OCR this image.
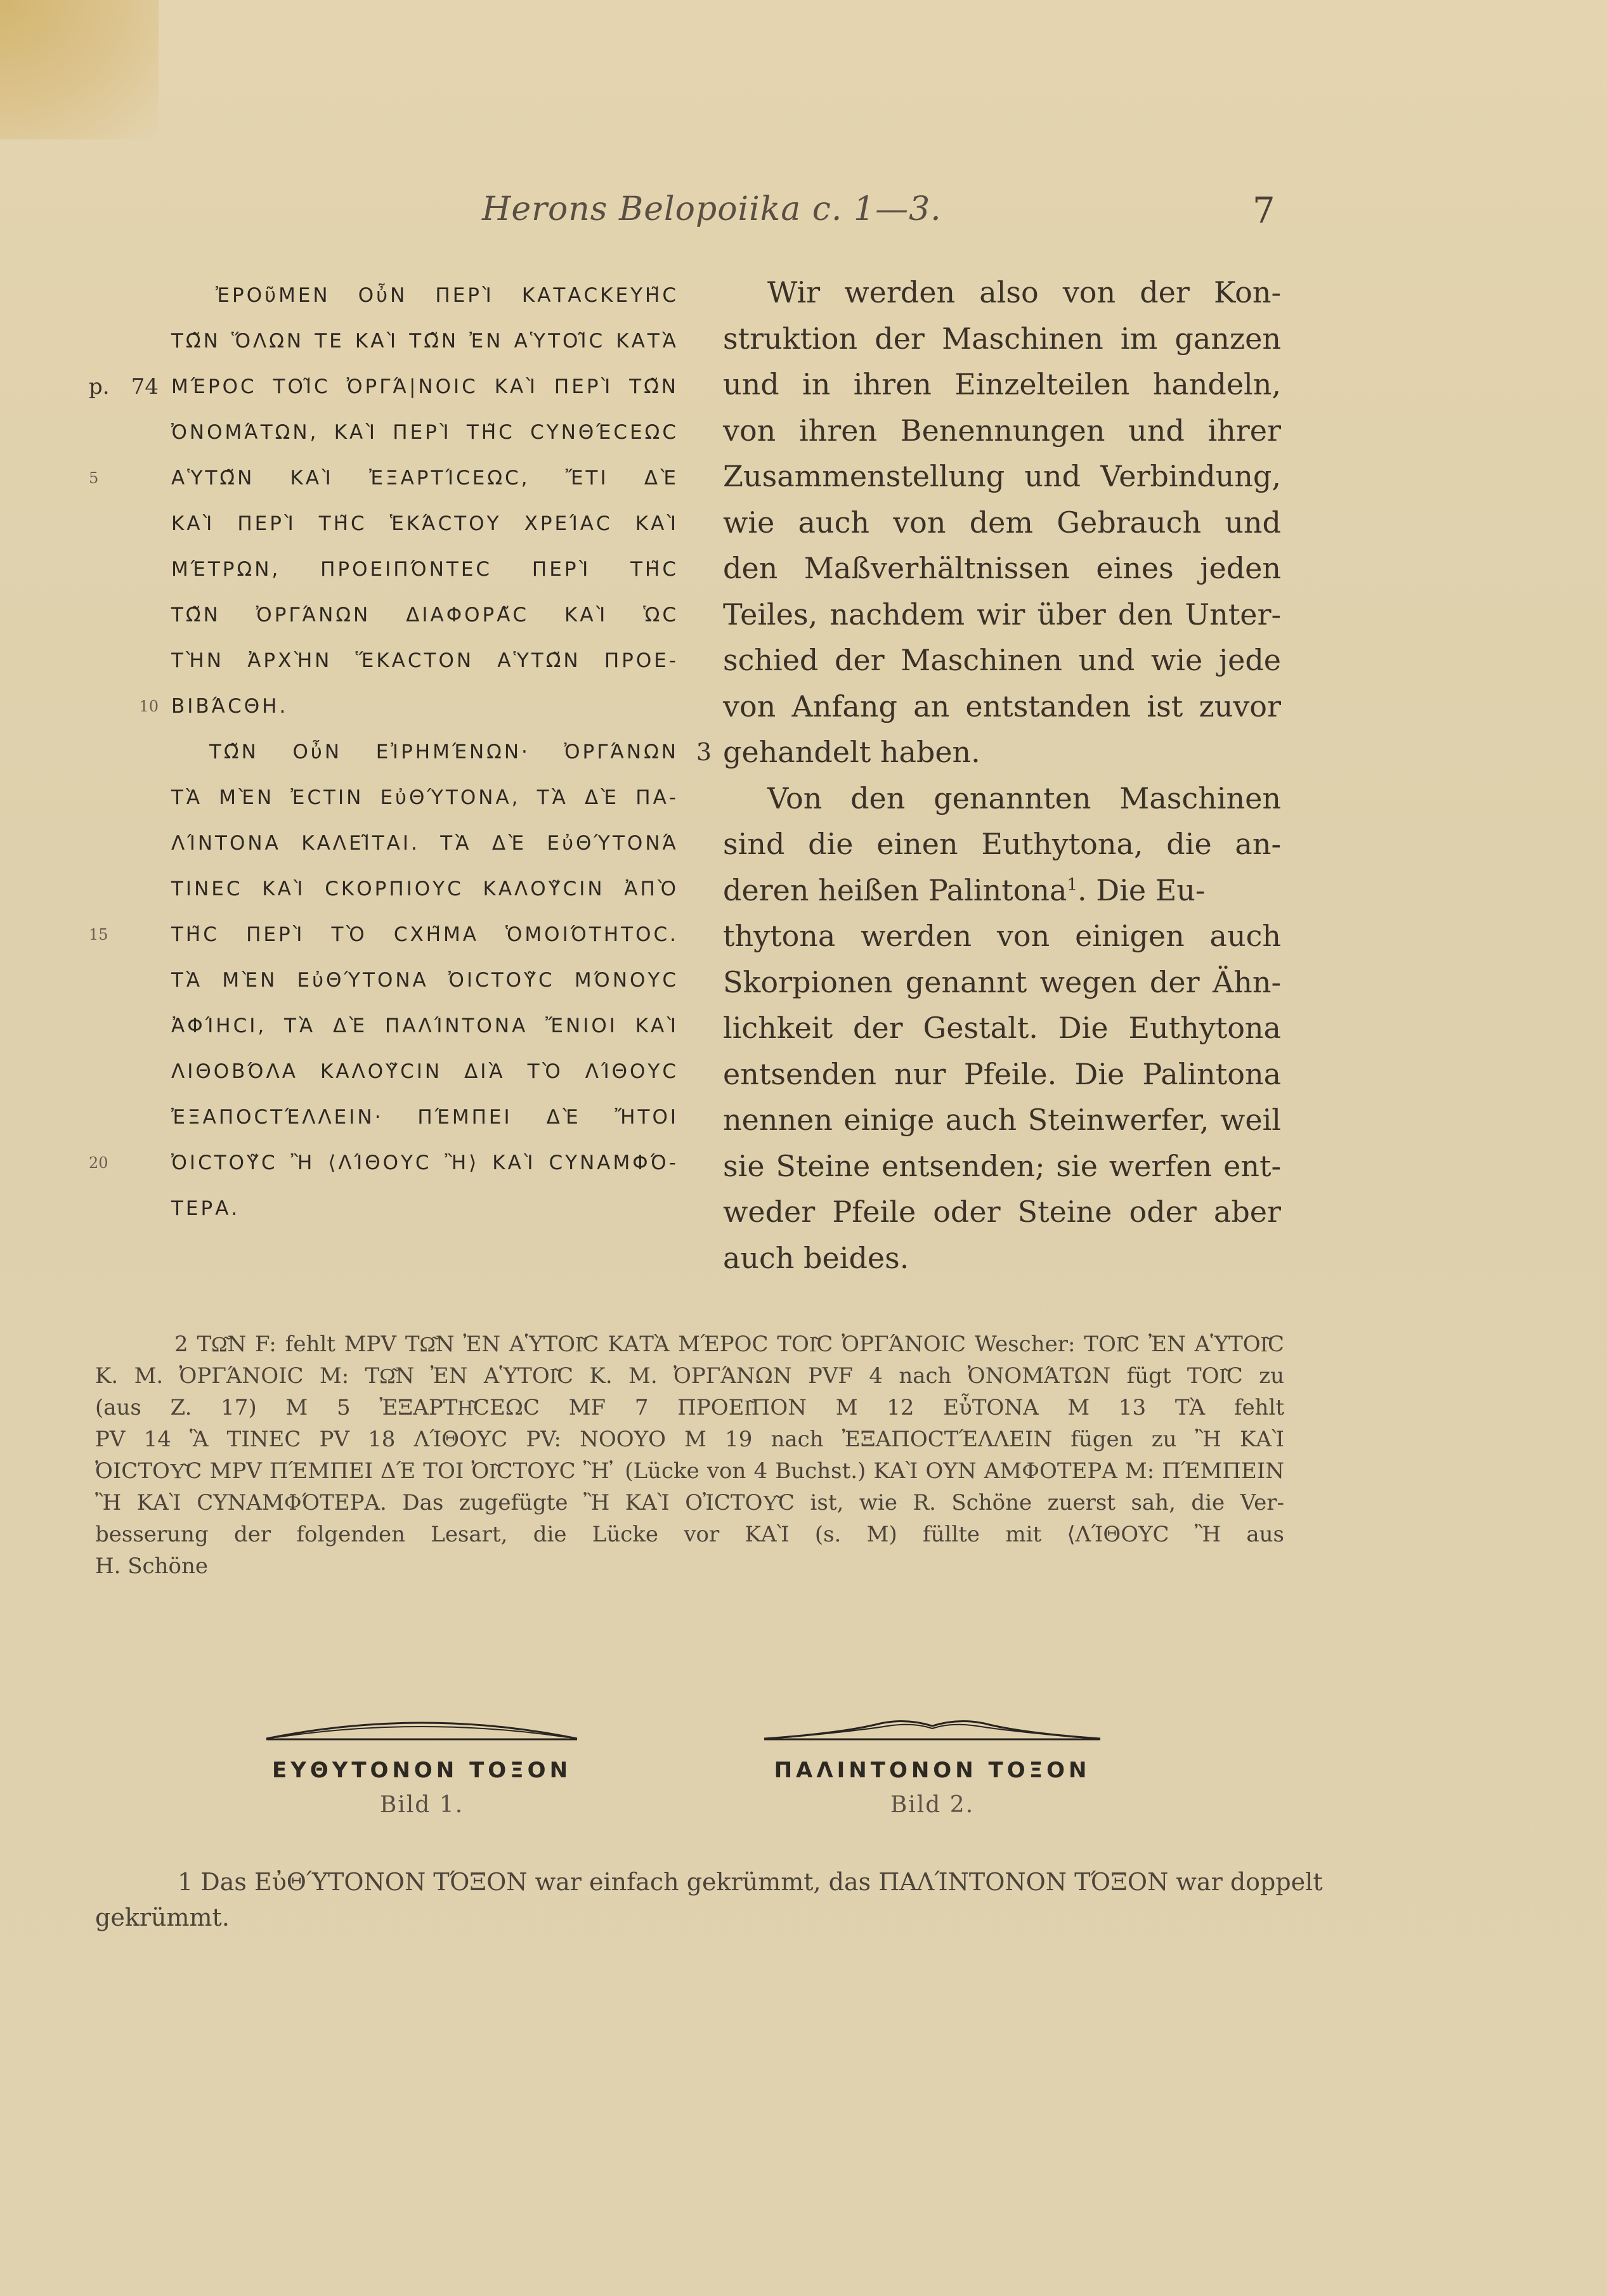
Herons Belopoiika c. 1—3.	7
ἘΡΟῦΜΕΝ ΟὖΝ ΠΕΡῚ ΚΑΤΑCΚΕΥΗ͂C
ΤΩ͂Ν ὍΛΩΝ ΤΕ ΚΑῚ ΤΩ͂Ν ἘΝ ΑὙΤΟΙ͂C ΚΑΤᾺ
p. 74 ΜΈΡΟC ΤΟΙ͂C ὈΡΓΆ|ΝΟΙC ΚΑῚ ΠΕΡῚ ΤΩ͂Ν
ὈΝΟΜΆΤΩΝ, ΚΑῚ ΠΕΡῚ ΤΗ͂C CΥΝΘΈCΕΩC
5	ΑὙΤΩ͂Ν ΚΑῚ ἘΞΑΡΤΊCΕΩC, ἜΤΙ ΔῈ
ΚΑῚ ΠΕΡῚ ΤΗ͂C ἙΚΆCΤΟΥ ΧΡΕΊΑC ΚΑῚ
ΜΈΤΡΩΝ, ΠΡΟΕΙΠΌΝΤΕC ΠΕΡῚ ΤΗ͂C
ΤΩ͂Ν ὈΡΓΆΝΩΝ ΔΙΑΦΟΡΑ͂C ΚΑῚ ὩC
ΤῊΝ ἈΡΧῊΝ ἝΚΑCΤΟΝ ΑὙΤΩ͂Ν ΠΡΟΕ-
10 ΒΙΒΆCΘΗ.
ΤΩ͂Ν ΟὖΝ ΕἸΡΗΜΈΝΩΝ· ὈΡΓΆΝΩΝ 3
ΤᾺ ΜῈΝ ἘCΤΙΝ ΕὐΘΎΤΟΝΑ, ΤᾺ ΔῈ ΠΑ-
ΛΊΝΤΟΝΑ ΚΑΛΕΙ͂ΤΑΙ. ΤᾺ ΔῈ ΕὐΘΎΤΟΝΆ
ΤΙΝΕC ΚΑῚ CΚΟΡΠΙΟΥC ΚΑΛΟΥ͂CΙΝ ἈΠῸ
15	ΤΗ͂C ΠΕΡῚ ΤῸ CΧΗ͂ΜΑ ὉΜΟΙΌΤΗΤΟC.
ΤᾺ ΜῈΝ ΕὐΘΎΤΟΝΑ ὈΙCΤΟΥ͂C ΜΌΝΟΥC
ἈΦΊΗCΙ, ΤᾺ ΔῈ ΠΑΛΊΝΤΟΝΑ ἜΝΙΟΙ ΚΑῚ
ΛΙΘΟΒΌΛΑ ΚΑΛΟΥ͂CΙΝ ΔΙᾺ ΤῸ ΛΊΘΟΥC
ἘΞΑΠΟCΤΈΛΛΕΙΝ· ΠΈΜΠΕΙ ΔῈ ἬΤΟΙ
20	ὈΙCΤΟΥ͂C Ἢ ⟨ΛΊΘΟΥC Ἢ⟩ ΚΑῚ CΥΝΑΜΦΌ-
ΤΕΡΑ.
Wir werden also von der Kon-
struktion der Maschinen im ganzen
und in ihren Einzelteilen handeln,
von ihren Benennungen und ihrer
Zusammenstellung und Verbindung,
wie auch von dem Gebrauch und
den Maßverhältnissen eines jeden
Teiles, nachdem wir über den Unter-
schied der Maschinen und wie jede
von Anfang an entstanden ist zuvor
gehandelt haben.
Von den genannten Maschinen
sind die einen Euthytona, die an-
deren heißen Palintona$^1$. Die Eu-
thytona werden von einigen auch
Skorpionen genannt wegen der Ähn-
lichkeit der Gestalt. Die Euthytona
entsenden nur Pfeile. Die Palintona
nennen einige auch Steinwerfer, weil
sie Steine entsenden; sie werfen ent-
weder Pfeile oder Steine oder aber
auch beides.
2 ΤΩ͂Ν F: fehlt MPV ΤΩ͂Ν ἘΝ ΑὙΤΟΙ͂C ΚΑΤᾺ ΜΈΡΟC ΤΟΙ͂C ὈΡΓΆΝΟΙC Wescher: ΤΟΙ͂C ἘΝ ΑὙΤΟΙ͂C
Κ. Μ. ὈΡΓΆΝΟΙC M: ΤΩ͂Ν ἘΝ ΑὙΤΟΙ͂C Κ. Μ. ὈΡΓΆΝΩΝ PVF 4 nach ὈΝΟΜΆΤΩΝ fügt ΤΟΙ͂C zu
(aus Z. 17) M 5 ἘΞΑΡΤΗ͂CΕΩC MF 7 ΠΡΟΕΙ͂ΠΟΝ M 12 ΕὖΤΟΝΑ M 13 ΤᾺ fehlt
PV 14 Ἃ ΤΙΝΕC PV 18 ΛΊΘΟΥC PV: ΝΟΟΥΟ M 19 nach ἘΞΑΠΟCΤΈΛΛΕΙΝ fügen zu Ἢ ΚΑῚ
ὈΙCΤΟΥ͂C MPV ΠΈΜΠΕΙ ΔΈ ΤΟΙ ὈΙ͂CΤΟΥC Ἢ ̓ (Lücke von 4 Buchst.) ΚΑῚ ΟΥΝ ΑΜΦΟΤΕΡΑ M: ΠΈΜΠΕΙΝ
Ἢ ΚΑῚ CΥΝΑΜΦΌΤΕΡΑ. Das zugefügte Ἢ ΚΑῚ ΟἸCΤΟΥ͂C ist, wie R. Schöne zuerst sah, die Ver-
besserung der folgenden Lesart, die Lücke vor ΚΑῚ (s. M) füllte mit ⟨ΛΊΘΟΥC Ἢ aus
H. Schöne
ΕΥΘΥΤΟΝΟΝ ΤΟΞΟΝ
Bild 1.
ΠΑΛΙΝΤΟΝΟΝ ΤΟΞΟΝ
Bild 2.
1 Das ΕὐΘΎΤΟΝΟΝ ΤΌΞΟΝ war einfach gekrümmt, das ΠΑΛΊΝΤΟΝΟΝ ΤΌΞΟΝ war doppelt
gekrümmt.
